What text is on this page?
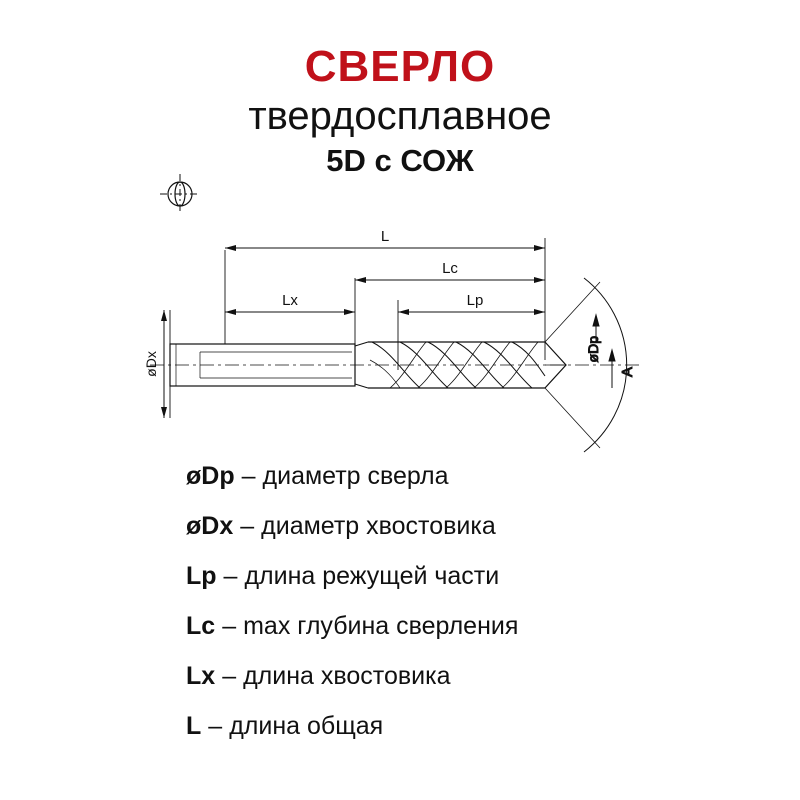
СВЕРЛО
твердосплавное
5D с СОЖ
L
Lc
Lx	Lp
øDx
øDp
A
øDp – диаметр сверла
øDx – диаметр хвостовика
Lp – длина режущей части
Lc – max глубина сверления
Lx – длина хвостовика
L – длина общая
